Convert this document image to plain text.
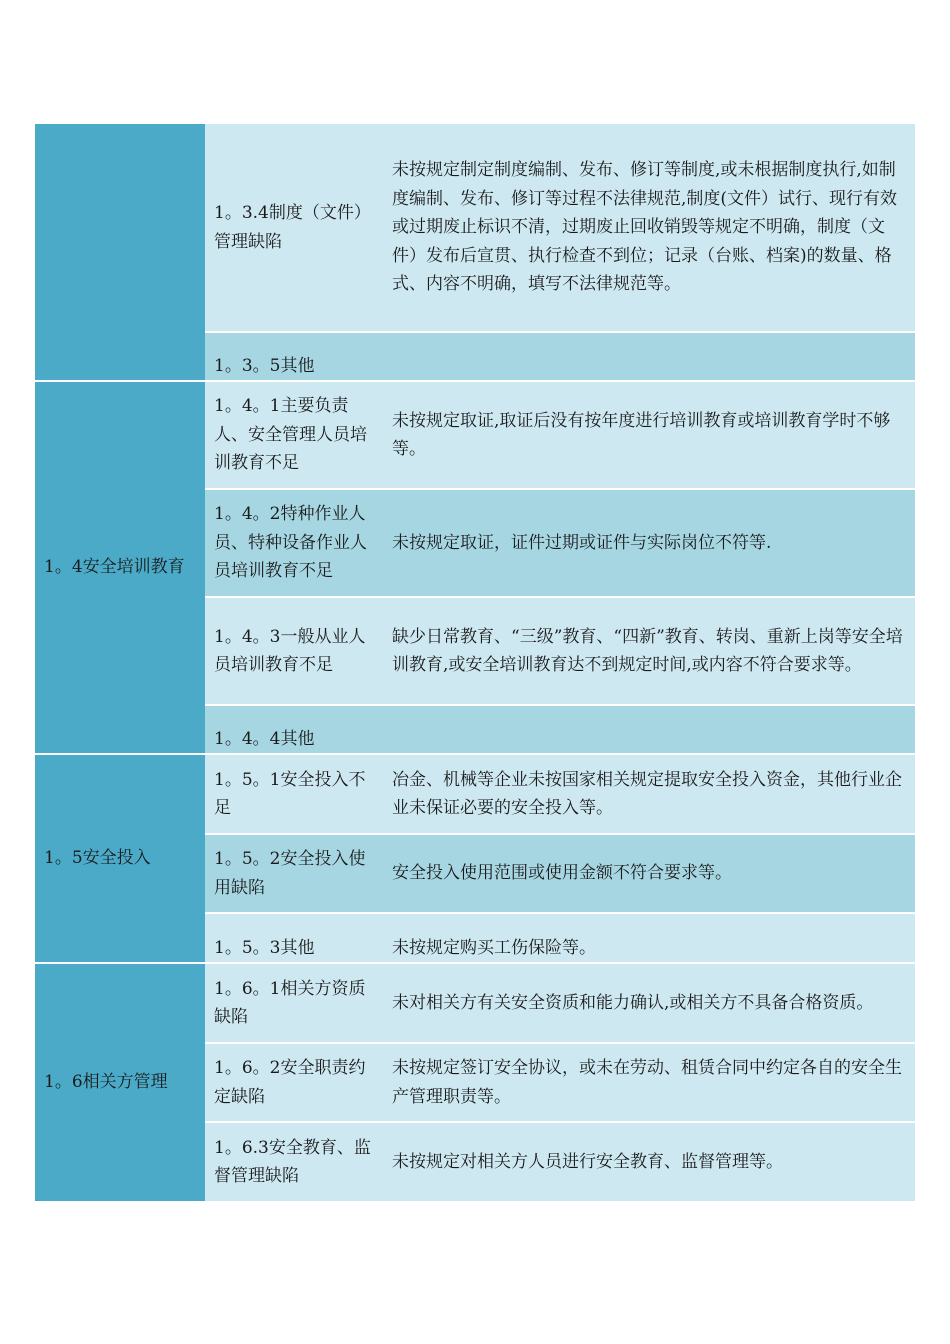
	1。3.4制度（文件）管理缺陷	未按规定制定制度编制、发布、修订等制度,或未根据制度执行,如制度编制、发布、修订等过程不法律规范,制度(文件）试行、现行有效或过期废止标识不清，过期废止回收销毁等规定不明确，制度（文件）发布后宣贯、执行检查不到位；记录（台账、档案)的数量、格式、内容不明确，填写不法律规范等。
	1。3。5其他	
1。4安全培训教育	1。4。1主要负责人、安全管理人员培训教育不足	未按规定取证,取证后没有按年度进行培训教育或培训教育学时不够等。
	1。4。2特种作业人员、特种设备作业人员培训教育不足	未按规定取证，证件过期或证件与实际岗位不符等.
	1。4。3一般从业人员培训教育不足	缺少日常教育、“三级”教育、“四新”教育、转岗、重新上岗等安全培训教育,或安全培训教育达不到规定时间,或内容不符合要求等。
	1。4。4其他	
1。5安全投入	1。5。1安全投入不足	冶金、机械等企业未按国家相关规定提取安全投入资金，其他行业企业未保证必要的安全投入等。
	1。5。2安全投入使用缺陷	安全投入使用范围或使用金额不符合要求等。
	1。5。3其他	未按规定购买工伤保险等。
1。6相关方管理	1。6。1相关方资质缺陷	未对相关方有关安全资质和能力确认,或相关方不具备合格资质。
	1。6。2安全职责约定缺陷	未按规定签订安全协议，或未在劳动、租赁合同中约定各自的安全生产管理职责等。
	1。6.3安全教育、监督管理缺陷	未按规定对相关方人员进行安全教育、监督管理等。
